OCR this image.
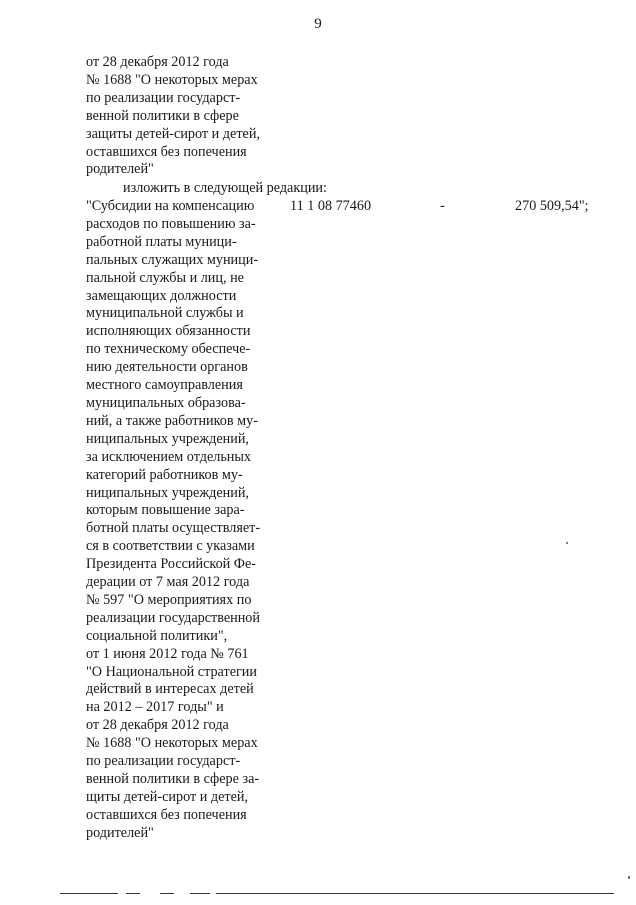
9
от 28 декабря 2012 года
№ 1688 "О некоторых мерах
по реализации государст-
венной политики в сфере
защиты детей-сирот и детей,
оставшихся без попечения
родителей"
изложить в следующей редакции:
"Субсидии на компенсацию
расходов по повышению за-
работной платы муници-
пальных служащих муници-
пальной службы и лиц, не
замещающих должности
муниципальной службы и
исполняющих обязанности
по техническому обеспече-
нию деятельности органов
местного самоуправления
муниципальных образова-
ний, а также работников му-
ниципальных учреждений,
за исключением отдельных
категорий работников му-
ниципальных учреждений,
которым повышение зара-
ботной платы осуществляет-
ся в соответствии с указами
Президента Российской Фе-
дерации от 7 мая 2012 года
№ 597 "О мероприятиях по
реализации государственной
социальной политики",
от 1 июня 2012 года № 761
"О Национальной стратегии
действий в интересах детей
на 2012 – 2017 годы" и
от 28 декабря 2012 года
№ 1688 "О некоторых мерах
по реализации государст-
венной политики в сфере за-
щиты детей-сирот и детей,
оставшихся без попечения
родителей"
11 1 08 77460	-	270 509,54";
